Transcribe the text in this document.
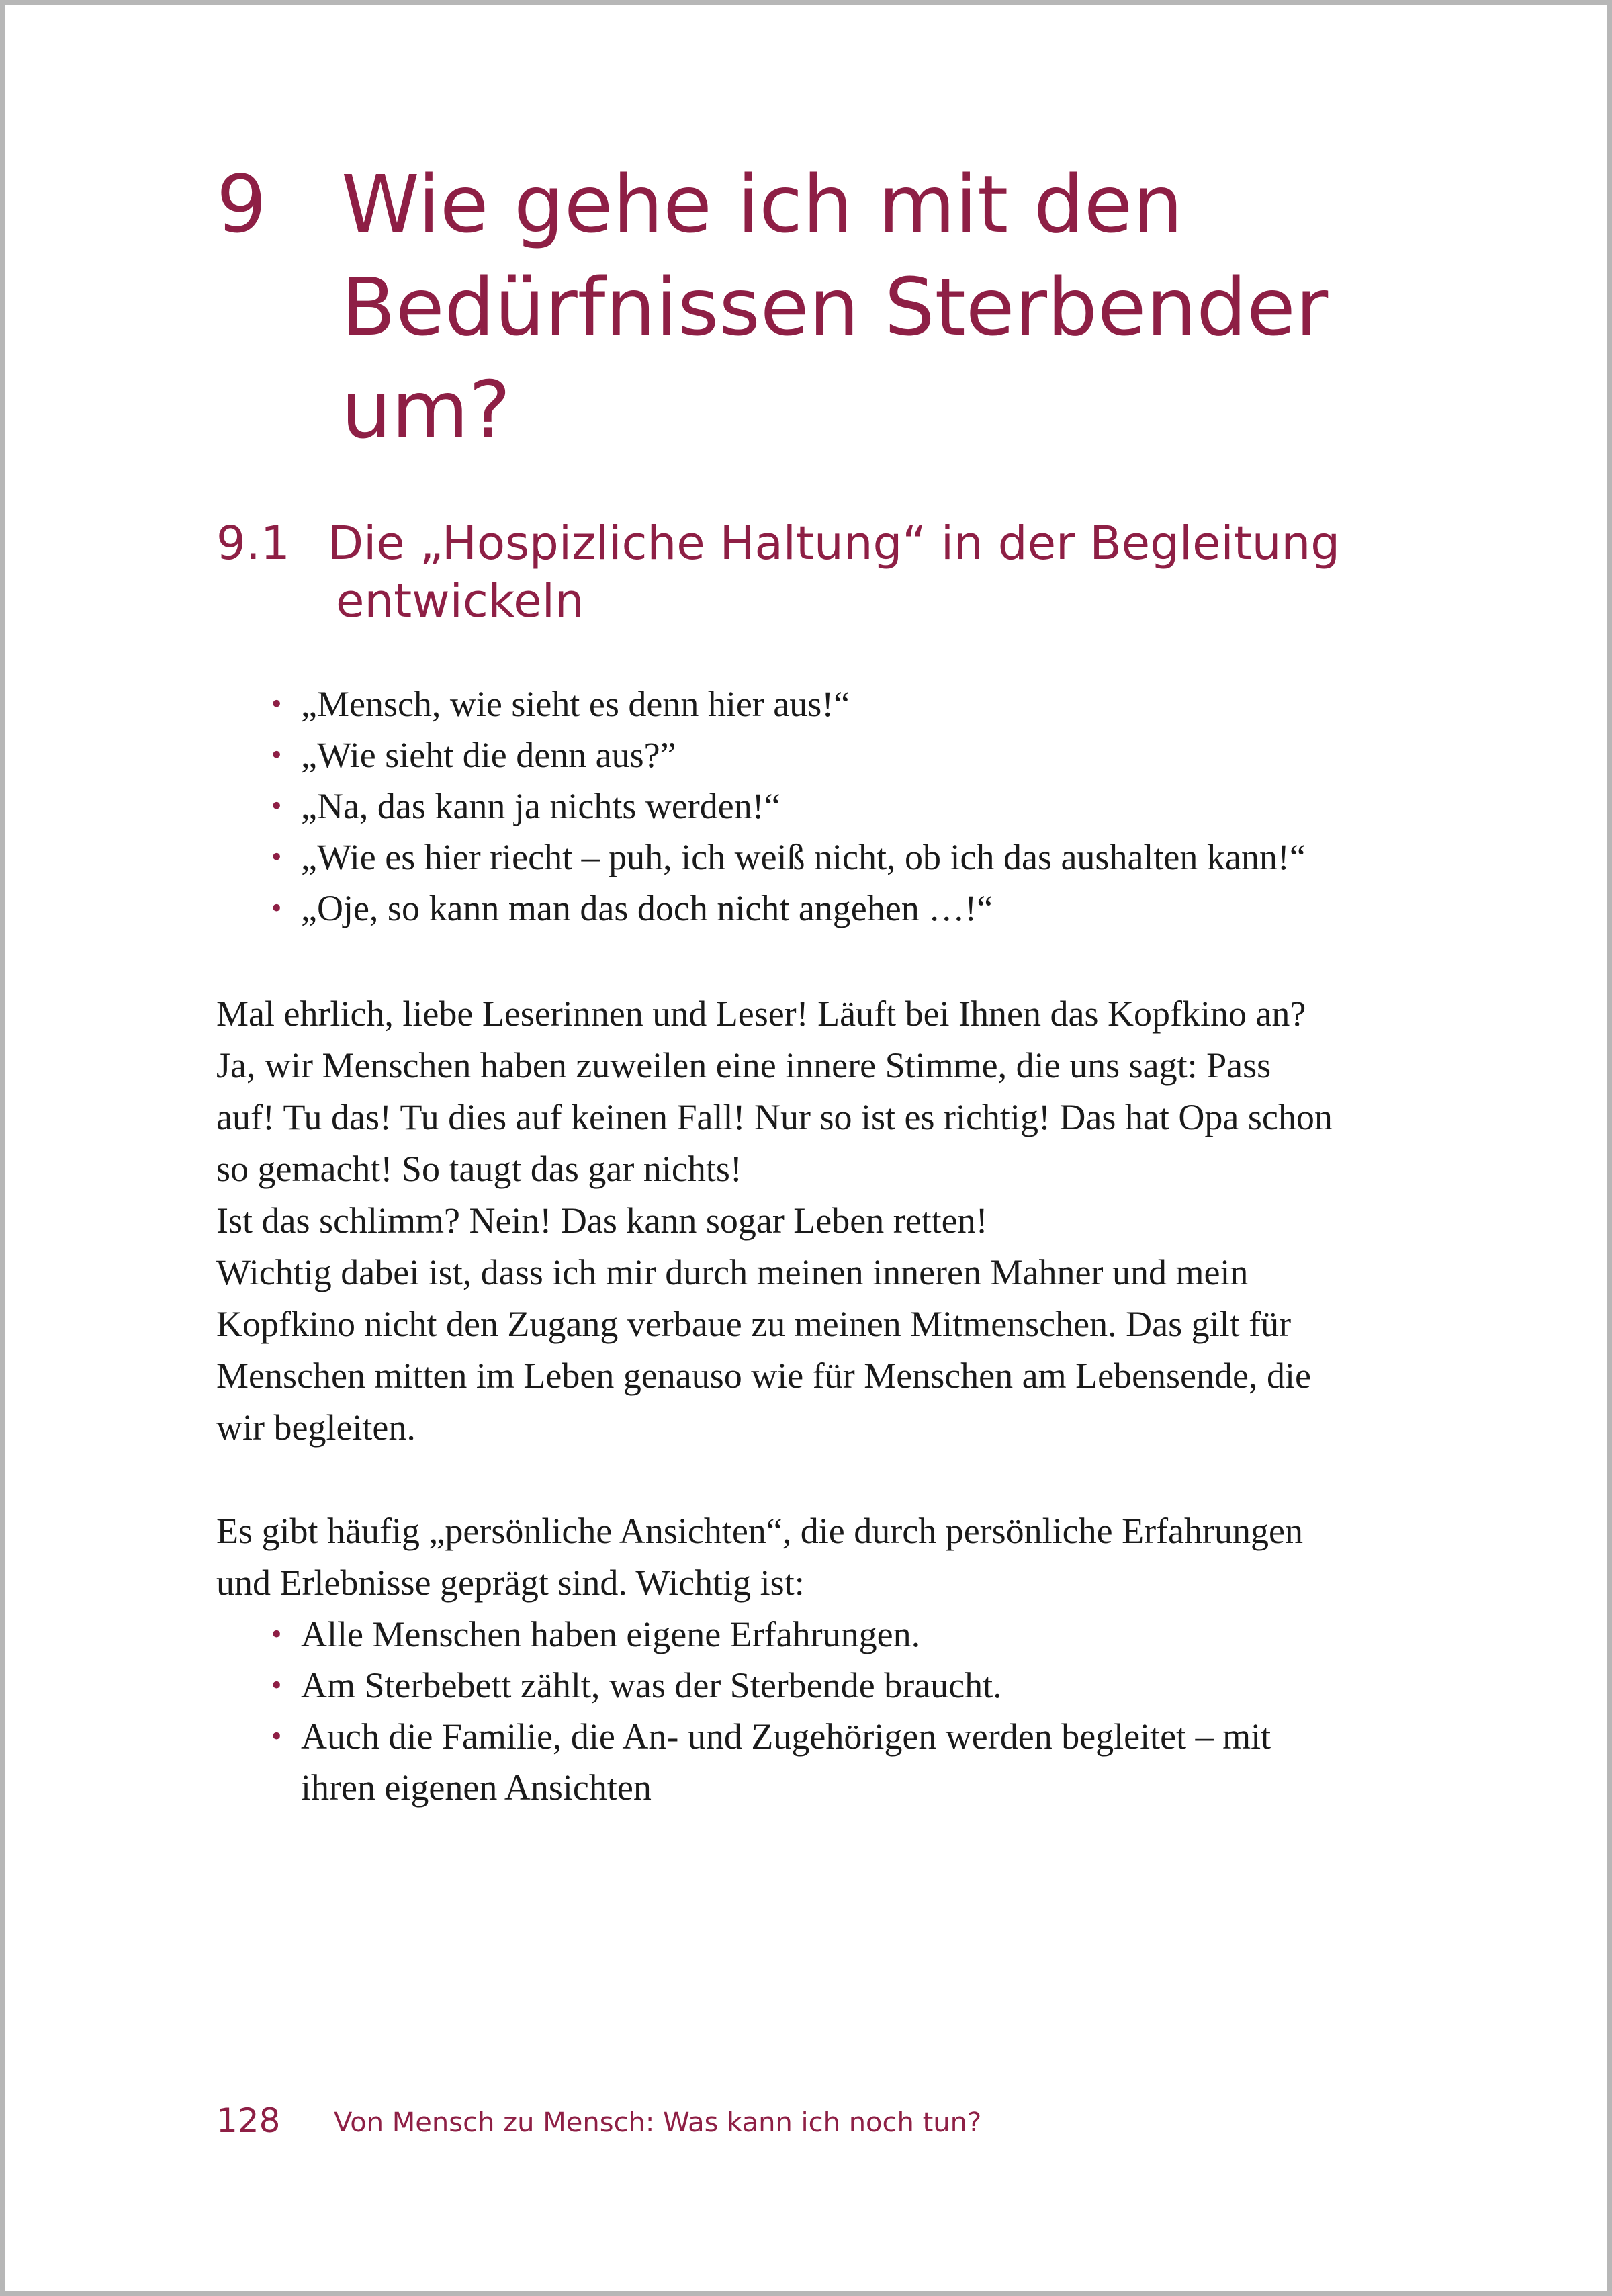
9 Wie gehe ich mit den
Bedürfnissen Sterbender
um?
9.1 Die „Hospizliche Haltung“ in der Begleitung
entwickeln
• „Mensch, wie sieht es denn hier aus!“
• „Wie sieht die denn aus?”
• „Na, das kann ja nichts werden!“
• „Wie es hier riecht – puh, ich weiß nicht, ob ich das aushalten kann!“
• „Oje, so kann man das doch nicht angehen …!“

Mal ehrlich, liebe Leserinnen und Leser! Läuft bei Ihnen das Kopfkino an?
Ja, wir Menschen haben zuweilen eine innere Stimme, die uns sagt: Pass
auf! Tu das! Tu dies auf keinen Fall! Nur so ist es richtig! Das hat Opa schon
so gemacht! So taugt das gar nichts!
Ist das schlimm? Nein! Das kann sogar Leben retten!
Wichtig dabei ist, dass ich mir durch meinen inneren Mahner und mein
Kopfkino nicht den Zugang verbaue zu meinen Mitmenschen. Das gilt für
Menschen mitten im Leben genauso wie für Menschen am Lebensende, die
wir begleiten.

Es gibt häufig „persönliche Ansichten“, die durch persönliche Erfahrungen
und Erlebnisse geprägt sind. Wichtig ist:

• Alle Menschen haben eigene Erfahrungen.
• Am Sterbebett zählt, was der Sterbende braucht.
• Auch die Familie, die An- und Zugehörigen werden begleitet – mit
ihren eigenen Ansichten
128 Von Mensch zu Mensch: Was kann ich noch tun?
